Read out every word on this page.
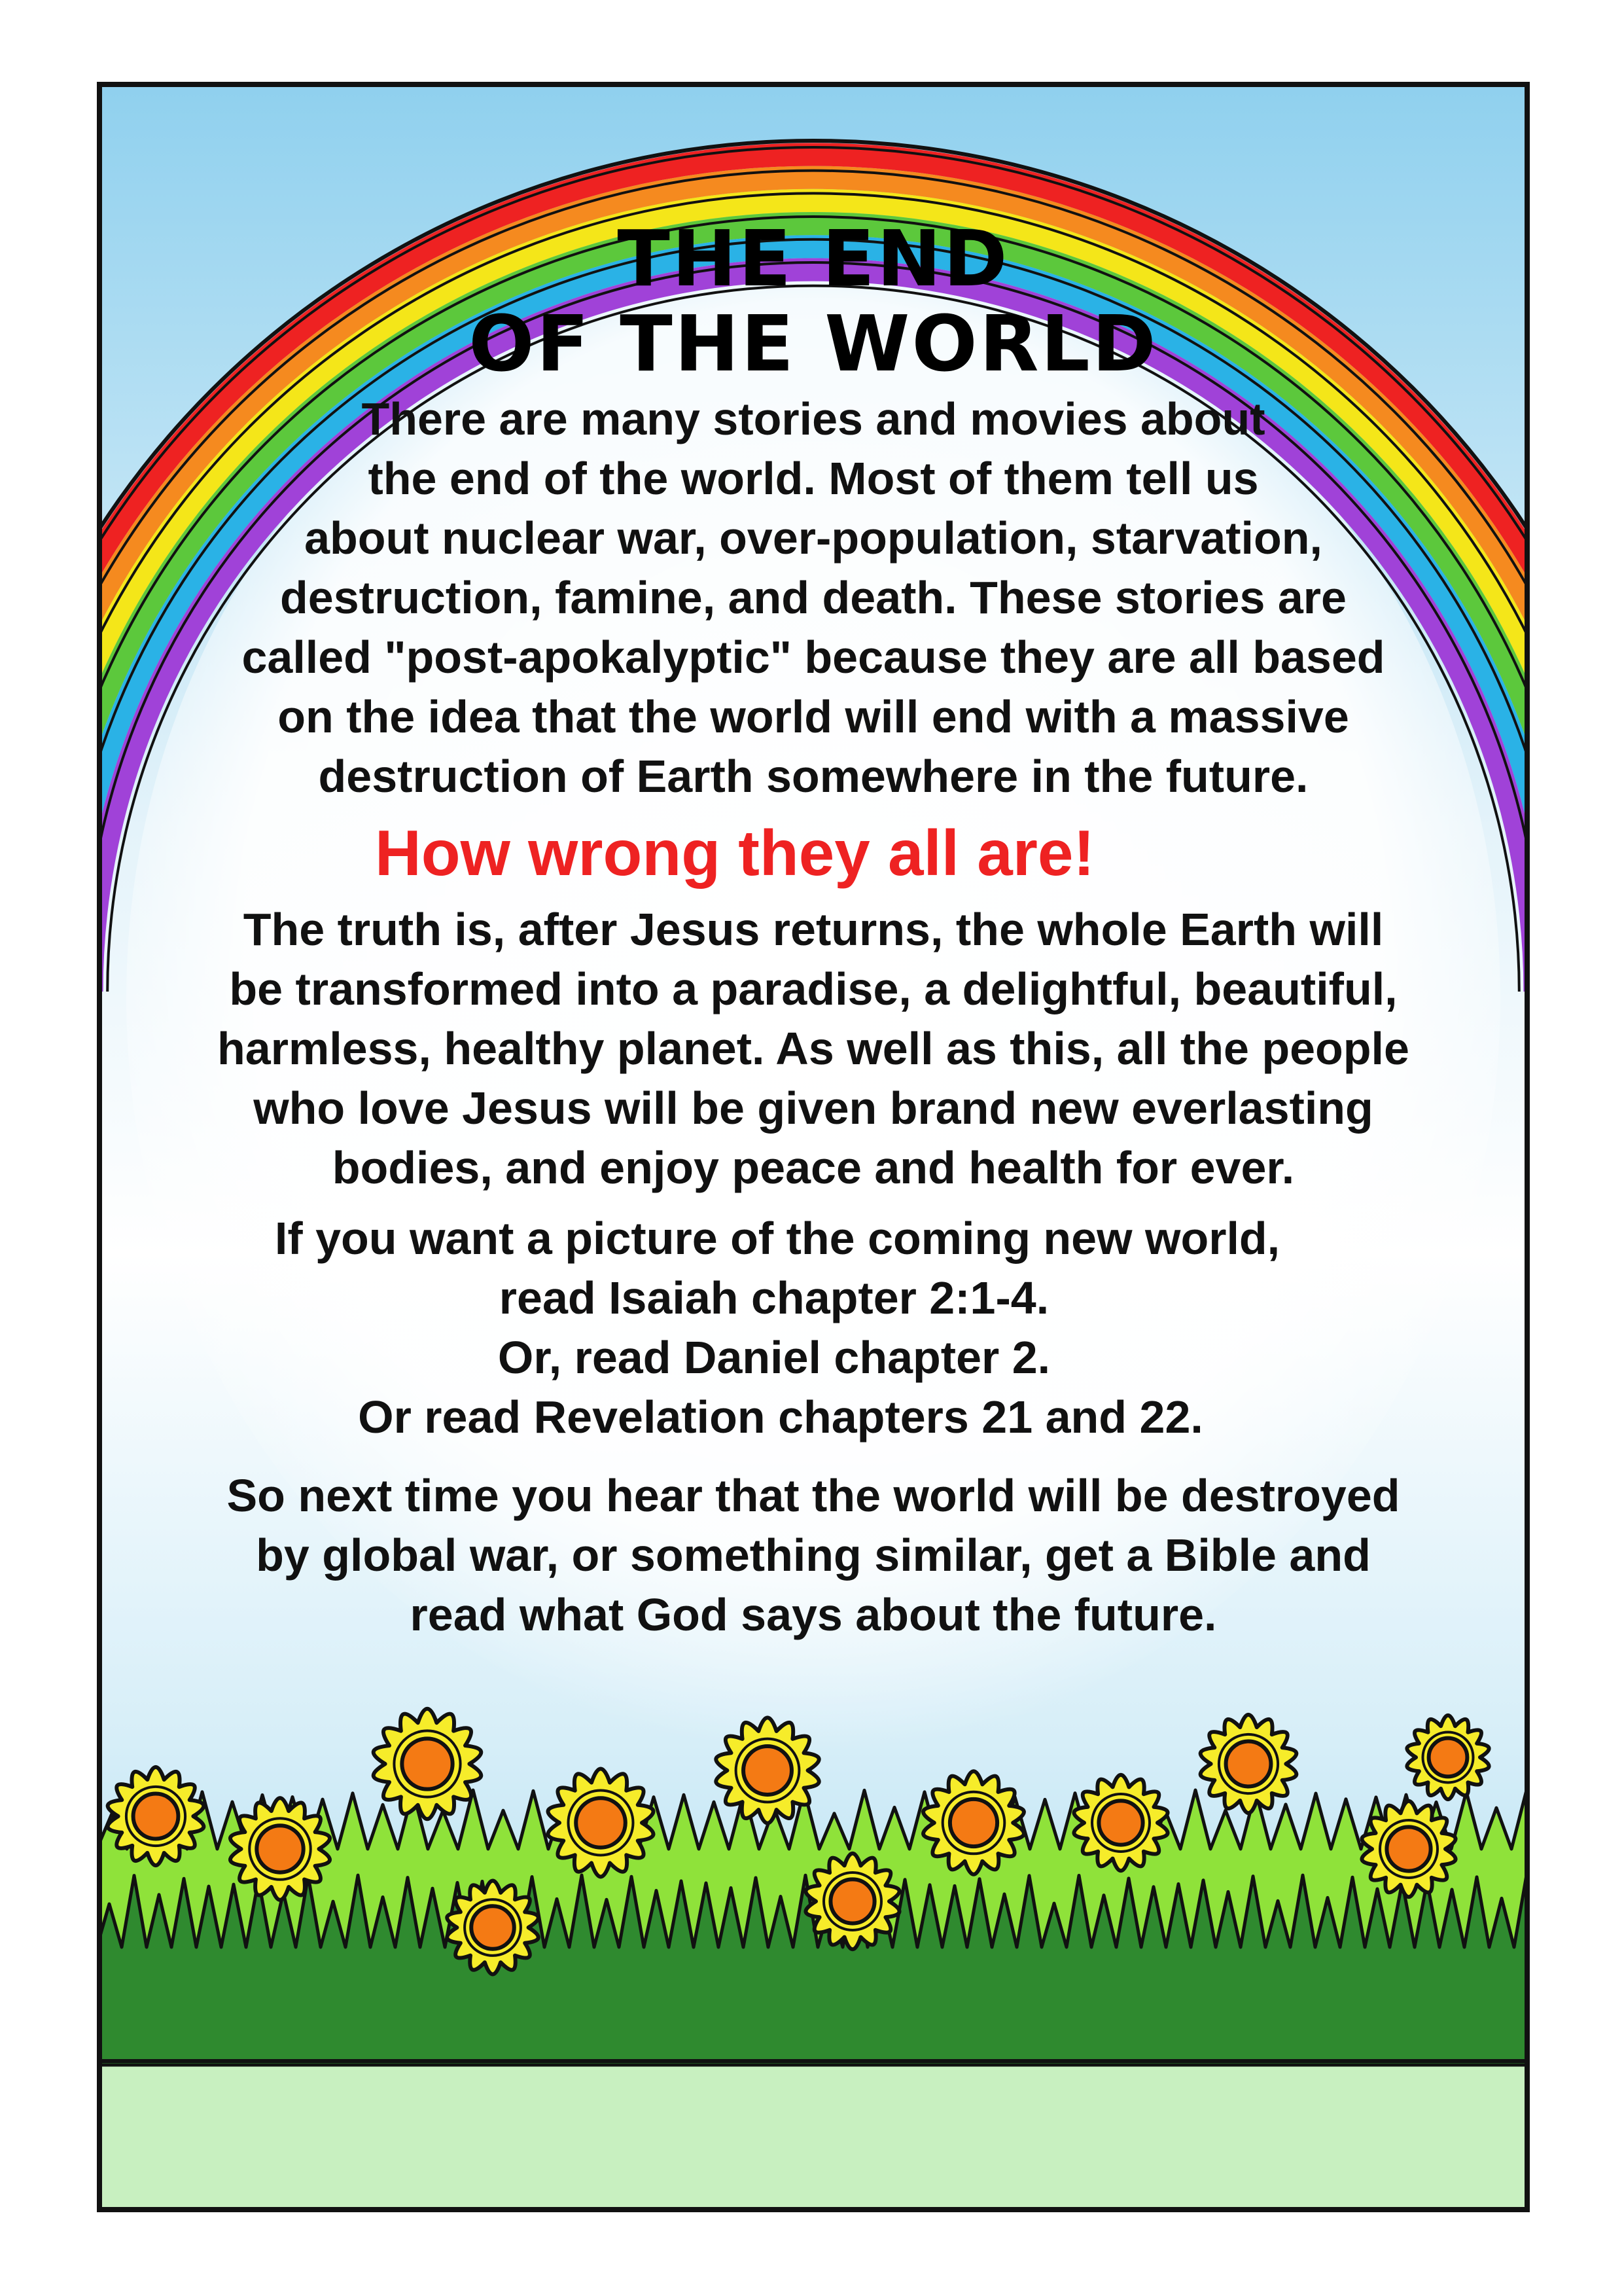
THE END
OF THE WORLD

There are many stories and movies about
the end of the world. Most of them tell us
about nuclear war, over-population, starvation,
destruction, famine, and death. These stories are
called "post-apokalyptic" because they are all based
on the idea that the world will end with a massive
destruction of Earth somewhere in the future.

How wrong they all are!

The truth is, after Jesus returns, the whole Earth will
be transformed into a paradise, a delightful, beautiful,
harmless, healthy planet. As well as this, all the people
who love Jesus will be given brand new everlasting
bodies, and enjoy peace and health for ever.

If you want a picture of the coming new world,
read Isaiah chapter 2:1-4.
Or, read Daniel chapter 2.
Or read Revelation chapters 21 and 22.

So next time you hear that the world will be destroyed
by global war, or something similar, get a Bible and
read what God says about the future.
